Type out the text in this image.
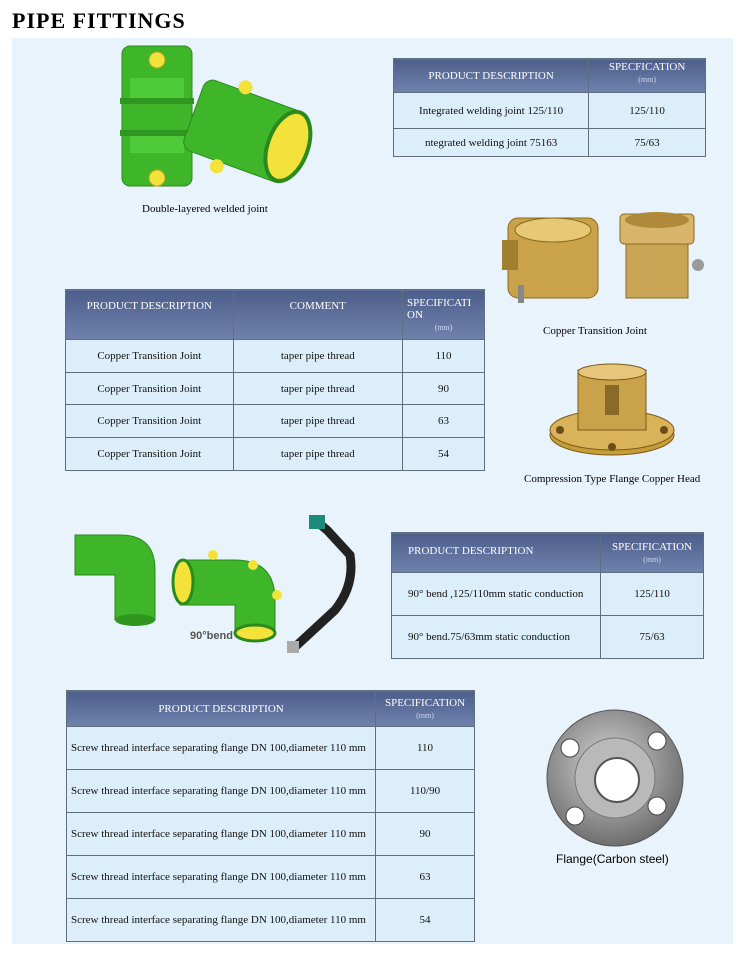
PIPE FITTINGS
Double-layered welded joint
PRODUCT DESCRIPTION	SPECFICATION
(mm)

Integrated welding joint 125/110	125/110
ntegrated welding joint 75163	75/63
Copper Transition Joint
PRODUCT DESCRIPTION	COMMENT	SPECIFICATI ON
(mm)

Copper Transition Joint	taper pipe thread	110
Copper Transition Joint	taper pipe thread	90
Copper Transition Joint	taper pipe thread	63
Copper Transition Joint	taper pipe thread	54
Compression Type Flange Copper Head
90°bend
PRODUCT DESCRIPTION	SPECIFICATION
(mm)

90° bend ,125/110mm static conduction	125/110
90° bend.75/63mm static conduction	75/63
PRODUCT DESCRIPTION	SPECIFICATION
(mm)

Screw thread interface separating flange DN 100,diameter 110 mm	110
Screw thread interface separating flange DN 100,diameter 110 mm	110/90
Screw thread interface separating flange DN 100,diameter 110 mm	90
Screw thread interface separating flange DN 100,diameter 110 mm	63
Screw thread interface separating flange DN 100,diameter 110 mm	54
Flange(Carbon steel)
